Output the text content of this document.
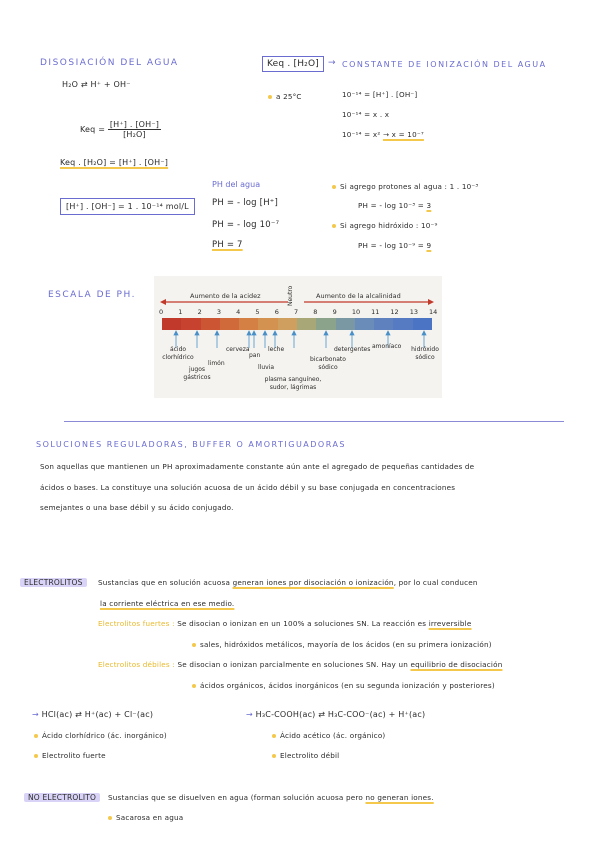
DISOSIACIÓN DEL AGUA
H₂O ⇄ H⁺ + OH⁻
Keq = $\frac{[H^+] . [OH^-]}{\text{[H₂O]}}$
Keq . [H₂O] = [H⁺] . [OH⁻]
[H⁺] . [OH⁻] = 1 . 10⁻¹⁴ mol/L
Keq . [H₂O]	→ CONSTANTE DE IONIZACIÓN DEL AGUA
a 25°C	10⁻¹⁴ = [H⁺] . [OH⁻]
10⁻¹⁴ = x . x
10⁻¹⁴ = x² → x = 10⁻⁷
PH del agua
PH = - log [H⁺]
PH = - log 10⁻⁷
PH = 7
Si agrego protones al agua : 1 . 10⁻³
PH = - log 10⁻³ = 3
Si agrego hidróxido : 10⁻⁹
PH = - log 10⁻⁹ = 9
ESCALA DE PH.	Neutro
Aumento de la acidez	Aumento de la alcalinidad
0 1 2 3 4 5 6 7 8 9 10 11 12 13 14
ácido clorhídrico
jugos gástricos
limón
cerveza
pan
lluvia
leche
plasma sanguíneo, sudor, lágrimas
bicarbonato sódico
detergentes amoníaco	hidróxido sódico
SOLUCIONES REGULADORAS, BUFFER O AMORTIGUADORAS
Son aquellas que mantienen un PH aproximadamente constante aún ante el agregado de pequeñas cantidades de
ácidos o bases. La constituye una solución acuosa de un ácido débil y su base conjugada en concentraciones
semejantes o una base débil y su ácido conjugado.
ELECTROLITOS	Sustancias que en solución acuosa generan iones por disociación o ionización, por lo cual conducen
la corriente eléctrica en ese medio.
Electrolitos fuertes : Se disocian o ionizan en un 100% a soluciones SN. La reacción es irreversible
sales, hidróxidos metálicos, mayoría de los ácidos (en su primera ionización)
Electrolitos débiles : Se disocian o ionizan parcialmente en soluciones SN. Hay un equilibrio de disociación
ácidos orgánicos, ácidos inorgánicos (en su segunda ionización y posteriores)
→ HCl(ac) ⇄ H⁺(ac) + Cl⁻(ac)
Ácido clorhídrico (ác. inorgánico)
Electrolito fuerte
→ H₃C-COOH(ac) ⇄ H₃C-COO⁻(ac) + H⁺(ac)
Ácido acético (ác. orgánico)
Electrolito débil
NO ELECTROLITO	Sustancias que se disuelven en agua (forman solución acuosa pero no generan iones.
Sacarosa en agua
